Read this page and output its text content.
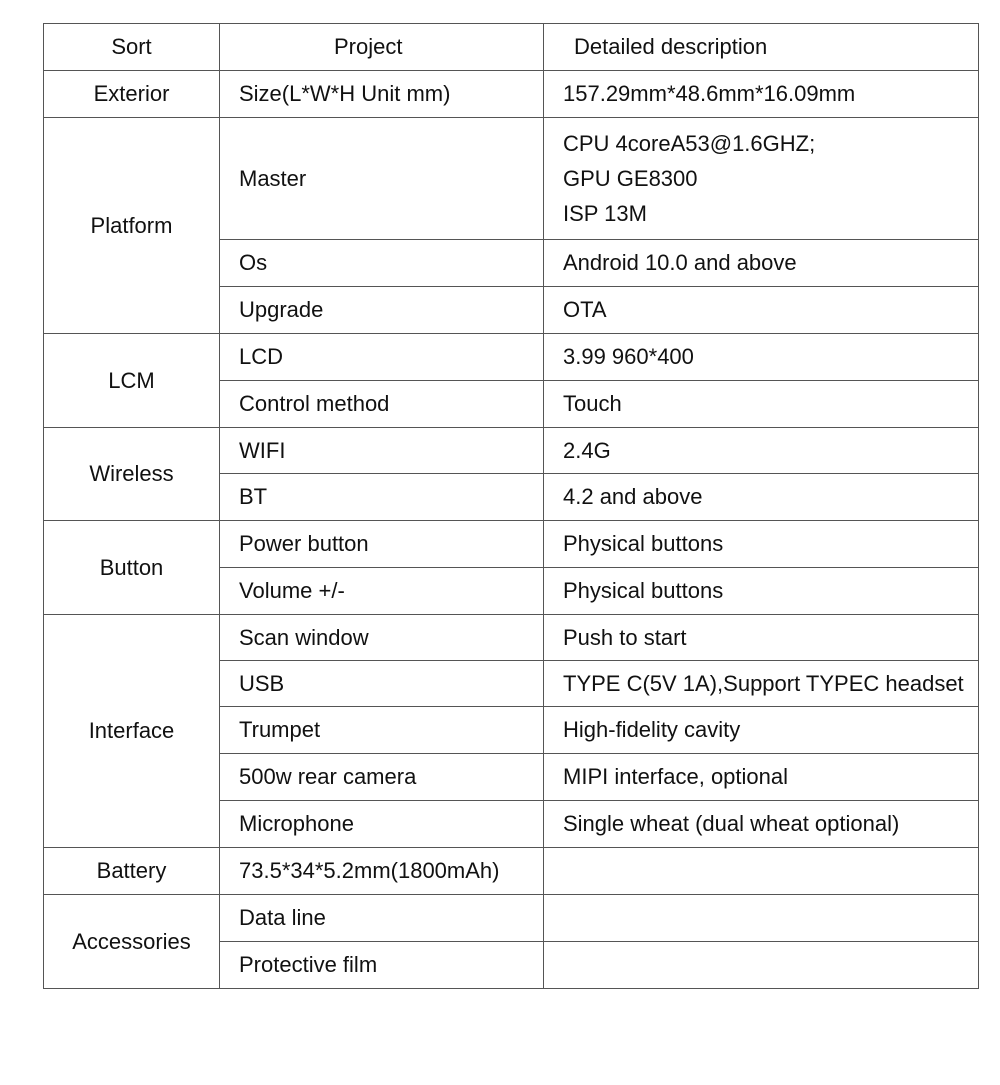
Sort	Project	Detailed description
Exterior	Size(L*W*H Unit mm)	157.29mm*48.6mm*16.09mm
Platform	Master	CPU 4coreA53@1.6GHZ;
GPU GE8300
ISP 13M

	Os	Android 10.0 and above
	Upgrade	OTA
LCM	LCD	3.99 960*400
	Control method	Touch
Wireless	WIFI	2.4G
	BT	4.2 and above
Button	Power button	Physical buttons
	Volume +/-	Physical buttons
Interface	Scan window	Push to start
	USB	TYPE C(5V 1A),Support TYPEC headset
	Trumpet	High-fidelity cavity
	500w rear camera	MIPI interface, optional
	Microphone	Single wheat (dual wheat optional)
Battery	73.5*34*5.2mm(1800mAh)	
Accessories	Data line	
	Protective film	
